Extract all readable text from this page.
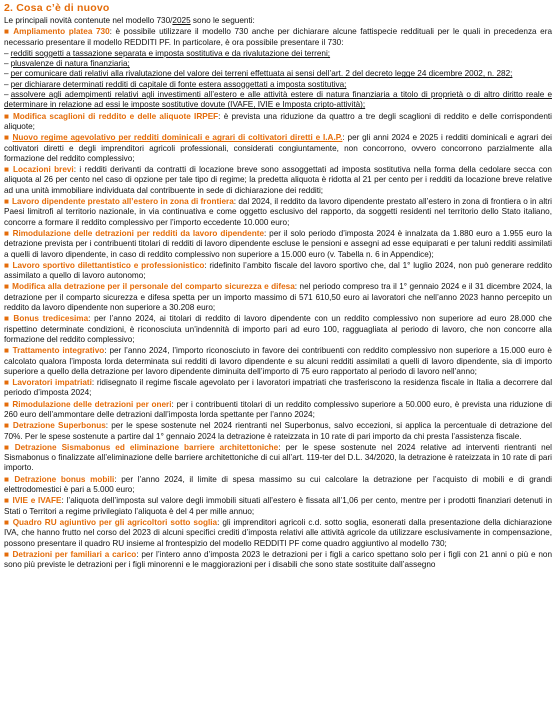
2. Cosa c’è di nuovo
Le principali novità contenute nel modello 730/2025 sono le seguenti:
■ Ampliamento platea 730: è possibile utilizzare il modello 730 anche per dichiarare alcune fattispecie reddituali per le quali in precedenza era necessario presentare il modello REDDITI PF. In particolare, è ora possibile presentare il 730:
– redditi soggetti a tassazione separata e imposta sostitutiva e da rivalutazione dei terreni;
– plusvalenze di natura finanziaria;
– per comunicare dati relativi alla rivalutazione del valore dei terreni effettuata ai sensi dell’art. 2 del decreto legge 24 dicembre 2002, n. 282;
– per dichiarare determinati redditi di capitale di fonte estera assoggettati a imposta sostitutiva;
– assolvere agli adempimenti relativi agli investimenti all’estero e alle attività estere di natura finanziaria a titolo di proprietà o di altro diritto reale e determinare in relazione ad essi le imposte sostitutive dovute (IVAFE, IVIE e Imposta cripto-attività);
■ Modifica scaglioni di reddito e delle aliquote IRPEF: è prevista una riduzione da quattro a tre degli scaglioni di reddito e delle corrispondenti aliquote;
■ Nuovo regime agevolativo per redditi dominicali e agrari di coltivatori diretti e I.A.P.: per gli anni 2024 e 2025 i redditi dominicali e agrari dei coltivatori diretti e degli imprenditori agricoli professionali, considerati congiuntamente, non concorrono, ovvero concorrono parzialmente alla formazione del reddito complessivo;
■ Locazioni brevi: i redditi derivanti da contratti di locazione breve sono assoggettati ad imposta sostitutiva nella forma della cedolare secca con aliquota al 26 per cento nel caso di opzione per tale tipo di regime; la predetta aliquota è ridotta al 21 per cento per i redditi da locazione breve relative ad una unità immobiliare individuata dal contribuente in sede di dichiarazione dei redditi;
■ Lavoro dipendente prestato all’estero in zona di frontiera: dal 2024, il reddito da lavoro dipendente prestato all’estero in zona di frontiera o in altri Paesi limitrofi al territorio nazionale, in via continuativa e come oggetto esclusivo del rapporto, da soggetti residenti nel territorio dello Stato italiano, concorre a formare il reddito complessivo per l’importo eccedente 10.000 euro;
■ Rimodulazione delle detrazioni per redditi da lavoro dipendente: per il solo periodo d’imposta 2024 è innalzata da 1.880 euro a 1.955 euro la detrazione prevista per i contribuenti titolari di redditi di lavoro dipendente escluse le pensioni e assegni ad esse equiparati e per taluni redditi assimilati a quelli di lavoro dipendente, in caso di reddito complessivo non superiore a 15.000 euro (v. Tabella n. 6 in Appendice);
■ Lavoro sportivo dilettantistico e professionistico: ridefinito l’ambito fiscale del lavoro sportivo che, dal 1° luglio 2024, non può generare reddito assimilato a quello di lavoro autonomo;
■ Modifica alla detrazione per il personale del comparto sicurezza e difesa: nel periodo compreso tra il 1° gennaio 2024 e il 31 dicembre 2024, la detrazione per il comparto sicurezza e difesa spetta per un importo massimo di 571 610,50 euro ai lavoratori che nell’anno 2023 hanno percepito un reddito da lavoro dipendente non superiore a 30.208 euro;
■ Bonus tredicesima: per l’anno 2024, ai titolari di reddito di lavoro dipendente con un reddito complessivo non superiore ad euro 28.000 che rispettino determinate condizioni, è riconosciuta un’indennità di importo pari ad euro 100, ragguagliata al periodo di lavoro, che non concorre alla formazione del reddito complessivo;
■ Trattamento integrativo: per l’anno 2024, l’importo riconosciuto in favore dei contribuenti con reddito complessivo non superiore a 15.000 euro è calcolato qualora l’imposta lorda determinata sui redditi di lavoro dipendente e su alcuni redditi assimilati a quelli di lavoro dipendente, sia di importo superiore a quello della detrazione per lavoro dipendente diminuita dell’importo di 75 euro rapportato al periodo di lavoro nell’anno;
■ Lavoratori impatriati: ridisegnato il regime fiscale agevolato per i lavoratori impatriati che trasferiscono la residenza fiscale in Italia a decorrere dal periodo d’imposta 2024;
■ Rimodulazione delle detrazioni per oneri: per i contribuenti titolari di un reddito complessivo superiore a 50.000 euro, è prevista una riduzione di 260 euro dell’ammontare delle detrazioni dall’imposta lorda spettante per l’anno 2024;
■ Detrazione Superbonus: per le spese sostenute nel 2024 rientranti nel Superbonus, salvo eccezioni, si applica la percentuale di detrazione del 70%. Per le spese sostenute a partire dal 1° gennaio 2024 la detrazione è rateizzata in 10 rate di pari importo da chi presta l’assistenza fiscale.
■ Detrazione Sismabonus ed eliminazione barriere architettoniche: per le spese sostenute nel 2024 relative ad interventi rientranti nel Sismabonus o finalizzate all’eliminazione delle barriere architettoniche di cui all’art. 119-ter del D.L. 34/2020, la detrazione è rateizzata in 10 rate di pari importo.
■ Detrazione bonus mobili: per l’anno 2024, il limite di spesa massimo su cui calcolare la detrazione per l’acquisto di mobili e di grandi elettrodomestici è pari a 5.000 euro;
■ IVIE e IVAFE: l’aliquota dell’imposta sul valore degli immobili situati all’estero è fissata all’1,06 per cento, mentre per i prodotti finanziari detenuti in Stati o Territori a regime privilegiato l’aliquota è del 4 per mille annuo;
■ Quadro RU agiuntivo per gli agricoltori sotto soglia: gli imprenditori agricoli c.d. sotto soglia, esonerati dalla presentazione della dichiarazione IVA, che hanno frutto nel corso del 2023 di alcuni specifici crediti d’imposta relativi alle attività agricole da utilizzare esclusivamente in compensazione, possono presentare il quadro RU insieme al frontespizio del modello REDDITI PF come quadro aggiuntivo al modello 730;
■ Detrazioni per familiari a carico: per l’intero anno d’imposta 2023 le detrazioni per i figli a carico spettano solo per i figli con 21 anni o più e non sono più previste le detrazioni per i figli minorenni e le maggiorazioni per i disabili che sono state sostituite dall’assegno
